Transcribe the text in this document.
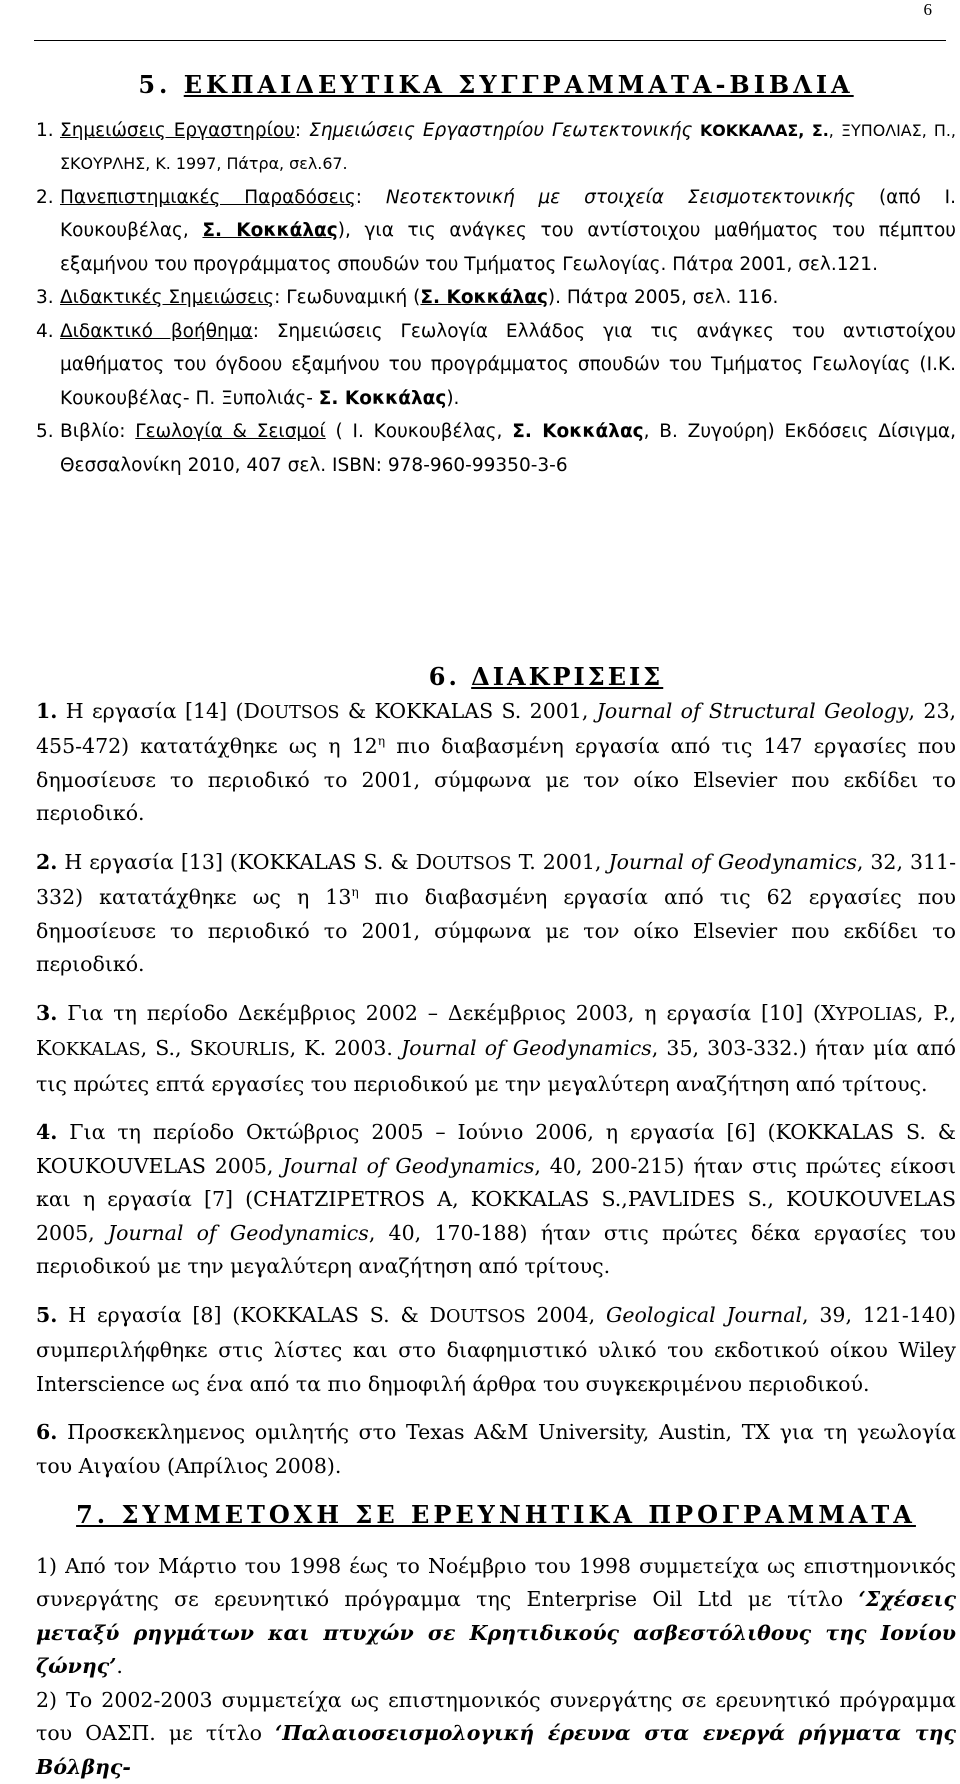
6
5. ΕΚΠΑΙΔΕΥΤΙΚΑ ΣΥΓΓΡΑΜΜΑΤΑ-ΒΙΒΛΙΑ
1. Σημειώσεις Εργαστηρίου: Σημειώσεις Εργαστηρίου Γεωτεκτονικής ΚΟΚΚΑΛΑΣ, Σ., ΞΥΠΟΛΙΑΣ, Π., ΣΚΟΥΡΛΗΣ, Κ. 1997, Πάτρα, σελ.67.
2. Πανεπιστημιακές Παραδόσεις: Νεοτεκτονική με στοιχεία Σεισμοτεκτονικής (από Ι. Κουκουβέλας, Σ. Κοκκάλας), για τις ανάγκες του αντίστοιχου μαθήματος του πέμπτου εξαμήνου του προγράμματος σπουδών του Τμήματος Γεωλογίας. Πάτρα 2001, σελ.121.
3. Διδακτικές Σημειώσεις: Γεωδυναμική (Σ. Κοκκάλας). Πάτρα 2005, σελ. 116.
4. Διδακτικό βοήθημα: Σημειώσεις Γεωλογία Ελλάδος για τις ανάγκες του αντιστοίχου μαθήματος του όγδοου εξαμήνου του προγράμματος σπουδών του Τμήματος Γεωλογίας (Ι.Κ. Κουκουβέλας- Π. Ξυπολιάς- Σ. Κοκκάλας).
5. Βιβλίο: Γεωλογία & Σεισμοί ( Ι. Κουκουβέλας, Σ. Κοκκάλας, Β. Ζυγούρη) Εκδόσεις Δίσιγμα, Θεσσαλονίκη 2010, 407 σελ. ISBN: 978-960-99350-3-6
6. ΔΙΑΚΡΙΣΕΙΣ
1. Η εργασία [14] (DOUTSOS & KOKKALAS S. 2001, Journal of Structural Geology, 23, 455-472) κατατάχθηκε ως η $12^\eta$ πιο διαβασμένη εργασία από τις 147 εργασίες που δημοσίευσε το περιοδικό το 2001, σύμφωνα με τον οίκο Elsevier που εκδίδει το περιοδικό.
2. Η εργασία [13] (KOKKALAS S. & DOUTSOS T. 2001, Journal of Geodynamics, 32, 311-332) κατατάχθηκε ως η $13^\eta$ πιο διαβασμένη εργασία από τις 62 εργασίες που δημοσίευσε το περιοδικό το 2001, σύμφωνα με τον οίκο Elsevier που εκδίδει το περιοδικό.
3. Για τη περίοδο Δεκέμβριος 2002 – Δεκέμβριος 2003, η εργασία [10] (XYPOLIAS, P., KOKKALAS, S., SKOURLIS, K. 2003. Journal of Geodynamics, 35, 303-332.) ήταν μία από τις πρώτες επτά εργασίες του περιοδικού με την μεγαλύτερη αναζήτηση από τρίτους.
4. Για τη περίοδο Οκτώβριος 2005 – Ιούνιο 2006, η εργασία [6] (KOKKALAS S. & KOUKOUVELAS 2005, Journal of Geodynamics, 40, 200-215) ήταν στις πρώτες είκοσι και η εργασία [7] (CHATZIPETROS A, KOKKALAS S.,PAVLIDES S., KOUKOUVELAS 2005, Journal of Geodynamics, 40, 170-188) ήταν στις πρώτες δέκα εργασίες του περιοδικού με την μεγαλύτερη αναζήτηση από τρίτους.
5. Η εργασία [8] (KOKKALAS S. & DOUTSOS 2004, Geological Journal, 39, 121-140) συμπεριλήφθηκε στις λίστες και στο διαφημιστικό υλικό του εκδοτικού οίκου Wiley Interscience ως ένα από τα πιο δημοφιλή άρθρα του συγκεκριμένου περιοδικού.
6. Προσκεκλημενος ομιλητής στο Texas A&M University, Austin, TX για τη γεωλογία του Αιγαίου (Απρίλιος 2008).
7. ΣΥΜΜΕΤΟΧΗ ΣΕ ΕΡΕΥΝΗΤΙΚΑ ΠΡΟΓΡΑΜΜΑΤΑ
1) Από τον Μάρτιο του 1998 έως το Νοέμβριο του 1998 συμμετείχα ως επιστημονικός συνεργάτης σε ερευνητικό πρόγραμμα της Enterprise Oil Ltd με τίτλο ‘Σχέσεις μεταξύ ρηγμάτων και πτυχών σε Κρητιδικούς ασβεστόλιθους της Ιονίου ζώνης’.
2) Το 2002-2003 συμμετείχα ως επιστημονικός συνεργάτης σε ερευνητικό πρόγραμμα του ΟΑΣΠ. με τίτλο ‘Παλαιοσεισμολογική έρευνα στα ενεργά ρήγματα της Βόλβης-
